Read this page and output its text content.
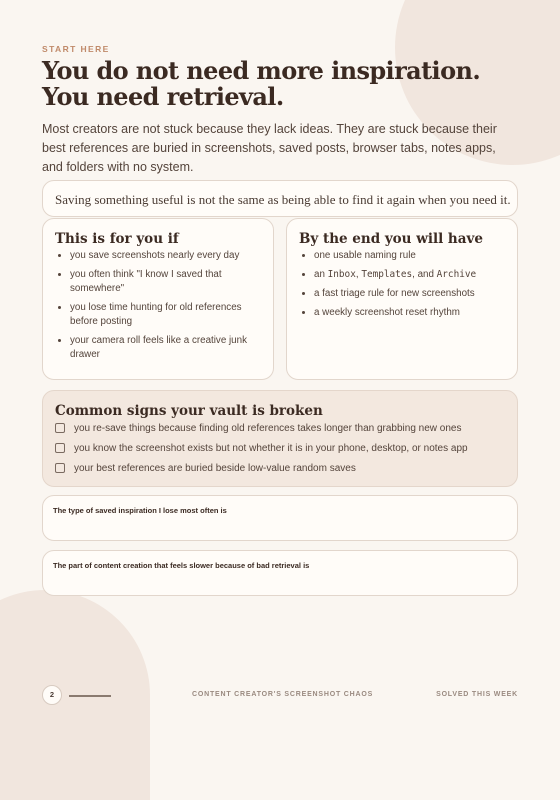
START HERE
You do not need more inspiration. You need retrieval.
Most creators are not stuck because they lack ideas. They are stuck because their best references are buried in screenshots, saved posts, browser tabs, notes apps, and folders with no system.
Saving something useful is not the same as being able to find it again when you need it.
This is for you if
• you save screenshots nearly every day
• you often think "I know I saved that somewhere"
• you lose time hunting for old references before posting
• your camera roll feels like a creative junk drawer
By the end you will have
• one usable naming rule
• an Inbox, Templates, and Archive
• a fast triage rule for new screenshots
• a weekly screenshot reset rhythm
Common signs your vault is broken
you re-save things because finding old references takes longer than grabbing new ones
you know the screenshot exists but not whether it is in your phone, desktop, or notes app
your best references are buried beside low-value random saves
The type of saved inspiration I lose most often is
The part of content creation that feels slower because of bad retrieval is
2	CONTENT CREATOR'S SCREENSHOT CHAOS	SOLVED THIS WEEK
